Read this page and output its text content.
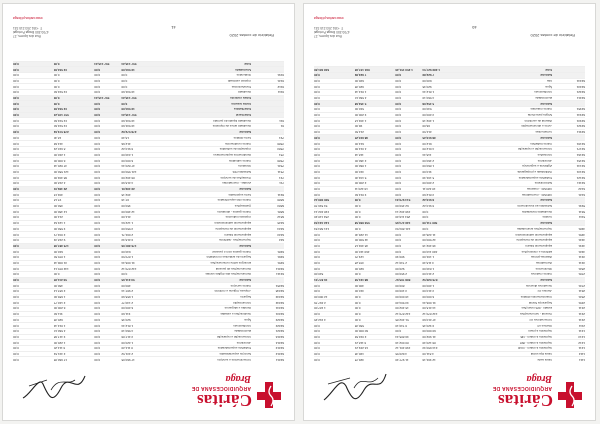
Cáritas
ARQUIDIOCESANA DE
Braga
62211
Fornecimentos e serviços
17 960,05
0,00
17 960,05
0,00
62212
Serviços especializados
2 431,52
0,00
2 431,52
0,00
62213
Trabalhos especializados
8 114,20
0,00
8 114,20
0,00
62214
Honorários
1 220,00
0,00
1 220,00
0,00
62216
Conservação e reparação
3 417,88
0,00
3 417,88
0,00
62221
Electricidade
4 560,10
0,00
4 560,10
0,00
62222
Combustíveis
1 812,44
0,00
1 812,44
0,00
62223
Água
920,35
0,00
920,35
0,00
62231
Deslocações e estadas
311,60
0,00
311,60
0,00
62241
Rendas e alugueres
6 200,00
0,00
6 200,00
0,00
62242
Comunicação
2 140,77
0,00
2 140,77
0,00
62243
Seguros
1 655,90
0,00
1 655,90
0,00
62248
Limpeza, higiene e conforto
2 987,14
0,00
2 987,14
0,00
62251
Outros serviços
480,00
0,00
480,00
0,00
Subtotal
53 211,95
0,00
53 211,95
0,00
63111
Remunerações dos órgãos sociais
0,00
0,00
0,00
0,00
63211
Remunerações do pessoal
142 870,12
0,00
142 870,12
0,00
6351
Encargos sobre remunerações
31 006,44
0,00
31 006,44
0,00
6361
Seguros de acidentes no trabalho
1 870,50
0,00
1 870,50
0,00
6381
Outros gastos com o pessoal
640,00
0,00
640,00
0,00
Subtotal
176 387,06
0,00
176 387,06
0,00
642
Depreciações - Edifícios
9 218,33
0,00
9 218,33
0,00
6423
Equipamento básico
2 004,71
0,00
2 004,71
0,00
6424
Equipamento de transporte
3 550,00
0,00
3 550,00
0,00
6425
Equipamento administrativo
1 122,64
0,00
1 122,64
0,00
6812
Impostos indirectos
214,00
0,00
214,00
0,00
6881
Outros gastos - donativos
12 480,00
0,00
12 480,00
0,00
6883
Quotizações
350,00
0,00
350,00
0,00
6888
Outros não especificados
97,18
0,00
97,18
0,00
6911
Juros suportados
402,15
0,00
402,15
0,00
Subtotal
29 439,01
0,00
29 439,01
0,00
711
Vendas - mercadorias
4 218,90
0,00
4 218,90
0,00
721
Prestações de serviços
88 402,00
0,00
88 402,00
0,00
7511
Subsídios ISS
121 550,00
0,00
121 550,00
0,00
7521
Donativos
47 820,44
0,00
47 820,44
0,00
7588
Outros subsídios
6 000,00
0,00
6 000,00
0,00
781
Rendimentos suplementares
1 240,00
0,00
1 240,00
0,00
7883
Imputação de subsídios
8 910,22
0,00
8 910,22
0,00
7888
Outros rendimentos
412,66
0,00
412,66
0,00
791
Juros obtidos
18,40
0,00
18,40
0,00
Subtotal
278 572,62
0,00
278 572,62
0,00
81
Resultado antes de impostos
19 534,60
0,00
19 534,60
0,00
811
Resultado líquido do período
19 534,60
0,00
19 534,60
0,00
Total Geral
557 145,24
0,00
557 145,24
0,00
Total Saldos
19 534,60
0,00
19 534,60
0,00
Conta resumo
0,00
0,00
0,00
0,00
Totais controlo
557 145,24
557 145,24
0,00
0,00
8111
Resultado
19 534,60
0,00
19 534,60
0,00
8112
Transferências
0,00
0,00
0,00
0,00
8121
Imposto estimado
0,00
0,00
0,00
0,00
8191
Dividendos
0,00
0,00
0,00
0,00
Acumulado
19 534,60
0,00
19 534,60
0,00
Total
557 145,24
557 145,24
0,00
0,00
41
Rua dos Açores, 27
4700-350 Braga Portugal
T: +351 253 215 331
www.caritas.pt/braga
Relatório de contas 2020
Cáritas
ARQUIDIOCESANA DE
Braga
1111
Caixa sede
12 304,18
11 977,40
326,78
0,00
1112
Caixa loja social
4 811,00
4 620,55
190,45
0,00
1211
Depósitos à ordem - CGD
214 650,33
198 401,12
16 249,21
0,00
1212
Depósitos à ordem - BPI
88 120,40
80 002,19
8 118,21
0,00
1213
Depósitos à ordem - NB
41 902,00
39 885,44
2 016,56
0,00
1311
Depósitos a prazo
60 000,00
0,00
60 000,00
0,00
2111
Clientes c/c
9 320,45
8 740,10
580,35
0,00
2211
Fornecedores c/c
47 210,60
51 402,85
0,00
4 192,25
2311
Pessoal - remunerações
142 870,12
142 870,12
0,00
0,00
2411
Estado - IRS retenções
14 215,00
15 402,00
0,00
1 187,00
2451
Segurança Social
31 006,44
33 504,20
0,00
2 497,76
2521
Financiamentos obtidos
6 000,00
18 000,00
0,00
12 000,00
2611
Utentes c/c
3 410,00
3 100,00
310,00
0,00
2721
Devedores diversos
1 200,00
800,00
400,00
0,00
Subtotal
676 020,52
608 705,97
88 191,56
19 877,01
2781
Outros credores
2 410,00
2 950,00
0,00
540,00
2821
Diferimentos
1 840,00
920,00
920,00
0,00
3211
Mercadorias
3 118,40
2 740,12
378,28
0,00
3311
Matérias-primas
1 104,00
980,30
123,70
0,00
4321
Edifícios e construções
460 110,00
0,00
460 110,00
0,00
4331
Equipamento básico
38 402,18
0,00
38 402,18
0,00
4341
Equipamento de transporte
42 500,00
0,00
42 500,00
0,00
4351
Equipamento administrativo
11 226,40
0,00
11 226,40
0,00
4381
Depreciações acumuladas
0,00
121 884,53
0,00
121 884,53
Subtotal
560 711,00
129 474,95
553 660,58
122 424,53
5111
Fundos
0,00
254 118,20
0,00
254 118,20
5611
Resultados transitados
0,00
198 402,14
0,00
198 402,14
5931
Subsídios ao investimento
8 910,22
62 450,00
0,00
53 539,78
Subtotal
8 910,22
514 970,34
0,00
506 060,12
6121
CMVMC - mercadorias
3 812,60
0,00
3 812,60
0,00
6122
CMVMC - matérias
18 420,11
0,00
18 420,11
0,00
62111
Subcontratos
2 200,00
0,00
2 200,00
0,00
62121
Trabalhos especializados
5 104,30
0,00
5 104,30
0,00
62131
Publicidade e propaganda
310,00
0,00
310,00
0,00
62141
Vigilância e segurança
1 860,00
0,00
1 860,00
0,00
62151
Honorários
2 460,00
0,00
2 460,00
0,00
62161
Comissões
118,44
0,00
118,44
0,00
62171
Conservação e reparação
4 012,80
0,00
4 012,80
0,00
62181
Outros trabalhos
612,00
0,00
612,00
0,00
Subtotal
38 910,25
0,00
38 910,25
0,00
62311
Ferramentas
214,50
0,00
214,50
0,00
62321
Livros e documentação
96,00
0,00
96,00
0,00
62331
Material de escritório
1 402,18
0,00
1 402,18
0,00
62341
Artigos para oferta
3 200,00
0,00
3 200,00
0,00
62351
Outros materiais
540,00
0,00
540,00
0,00
Subtotal
5 452,68
0,00
5 452,68
0,00
62411
Electricidade
4 560,10
0,00
4 560,10
0,00
62421
Combustíveis
1 812,44
0,00
1 812,44
0,00
62431
Água
920,35
0,00
920,35
0,00
62441
Gás
630,00
0,00
630,00
0,00
Subtotal
7 922,89
0,00
7 922,89
0,00
Total
1 289 927,54
1 253 151,26
694 137,96
648 361,66
40
Rua dos Açores, 27
4700-350 Braga Portugal
T: +351 253 215 331
www.caritas.pt/braga
Relatório de contas 2020
